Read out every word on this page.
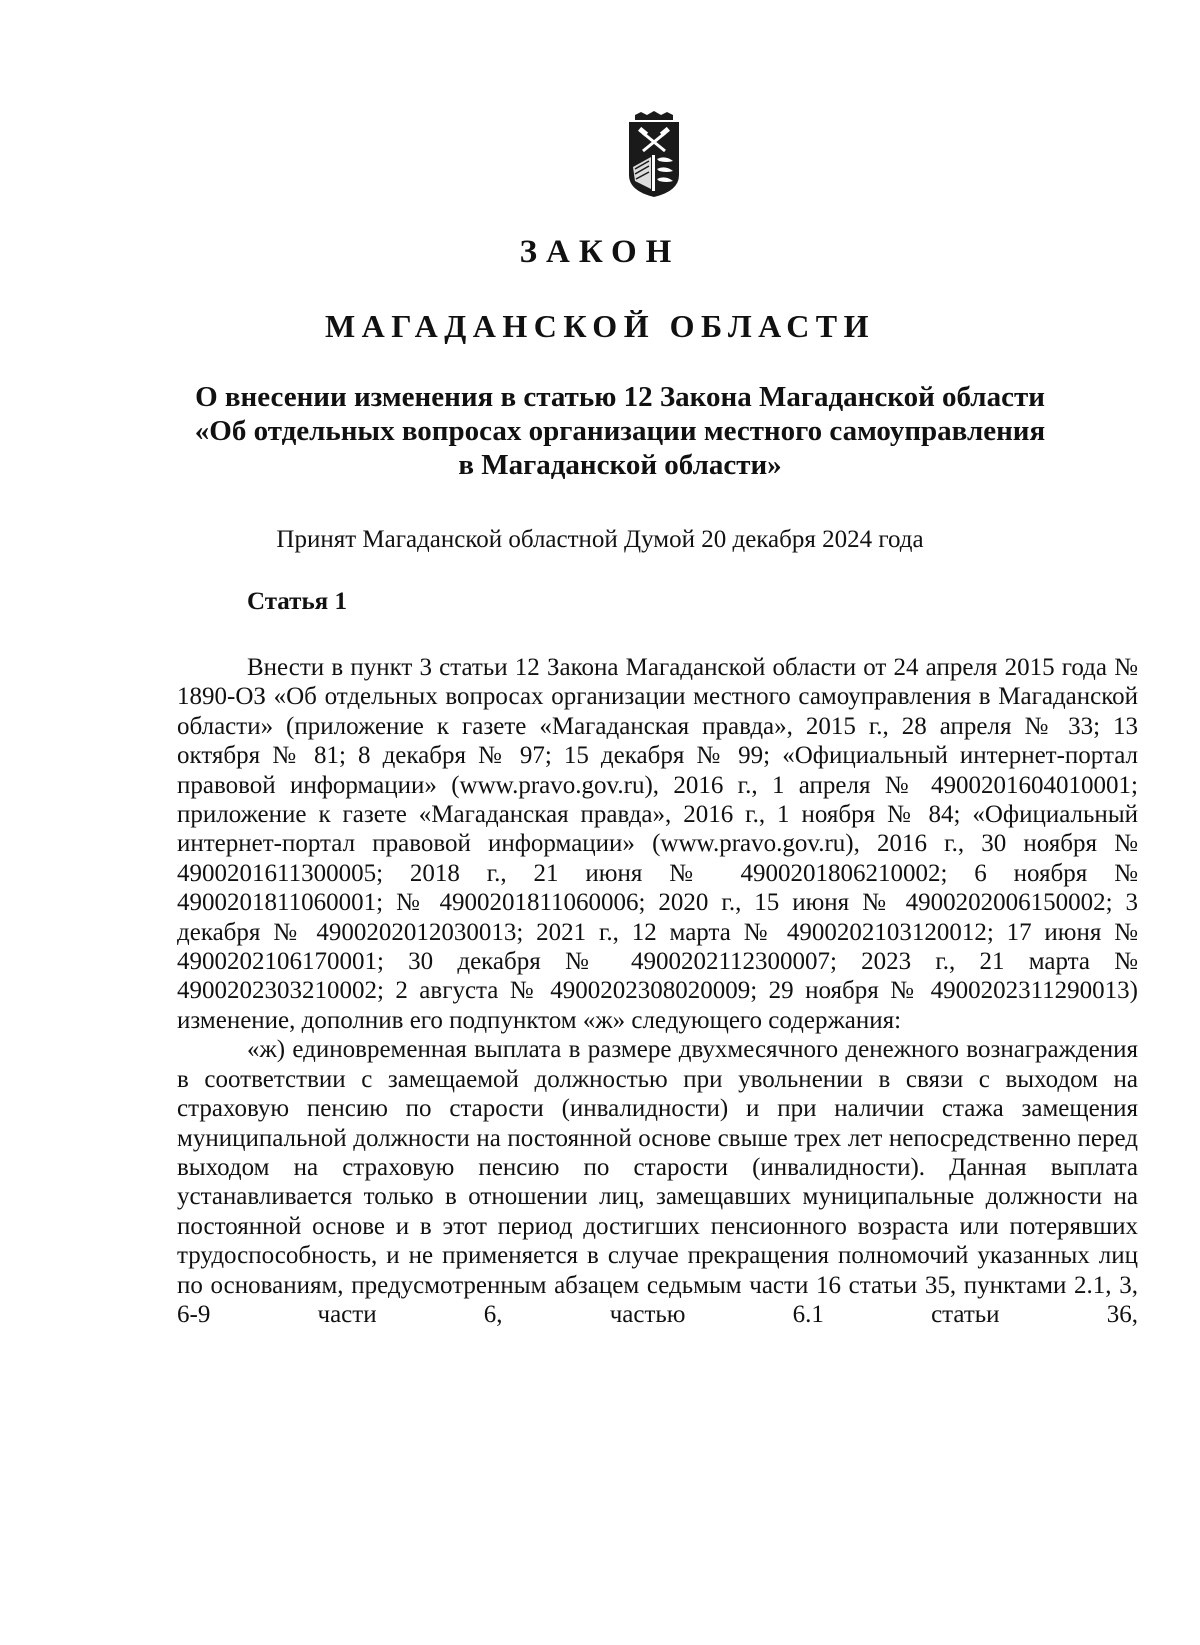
ЗАКОН
МАГАДАНСКОЙ ОБЛАСТИ
О внесении изменения в статью 12 Закона Магаданской области
«Об отдельных вопросах организации местного самоуправления
в Магаданской области»
Принят Магаданской областной Думой 20 декабря 2024 года
Статья 1

Внести в пункт 3 статьи 12 Закона Магаданской области от 24 апреля 2015 года № 1890-ОЗ «Об отдельных вопросах организации местного самоуправления в Магаданской области» (приложение к газете «Магаданская правда», 2015 г., 28 апреля № 33; 13 октября № 81; 8 декабря № 97; 15 декабря № 99; «Официальный интернет-портал правовой информации» (www.pravo.gov.ru), 2016 г., 1 апреля № 4900201604010001; приложение к газете «Магаданская правда», 2016 г., 1 ноября № 84; «Официальный интернет-портал правовой информации» (www.pravo.gov.ru), 2016 г., 30 ноября № 4900201611300005; 2018 г., 21 июня № 4900201806210002; 6 ноября № 4900201811060001; № 4900201811060006; 2020 г., 15 июня № 4900202006150002; 3 декабря № 4900202012030013; 2021 г., 12 марта № 4900202103120012; 17 июня № 4900202106170001; 30 декабря № 4900202112300007; 2023 г., 21 марта № 4900202303210002; 2 августа № 4900202308020009; 29 ноября № 4900202311290013) изменение, дополнив его подпунктом «ж» следующего содержания:

«ж) единовременная выплата в размере двухмесячного денежного вознаграждения в соответствии с замещаемой должностью при увольнении в связи с выходом на страховую пенсию по старости (инвалидности) и при наличии стажа замещения муниципальной должности на постоянной основе свыше трех лет непосредственно перед выходом на страховую пенсию по старости (инвалидности). Данная выплата устанавливается только в отношении лиц, замещавших муниципальные должности на постоянной основе и в этот период достигших пенсионного возраста или потерявших трудоспособность, и не применяется в случае прекращения полномочий указанных лиц по основаниям, предусмотренным абзацем седьмым части 16 статьи 35, пунктами 2.1, 3, 6-9 части 6, частью 6.1 статьи 36,
